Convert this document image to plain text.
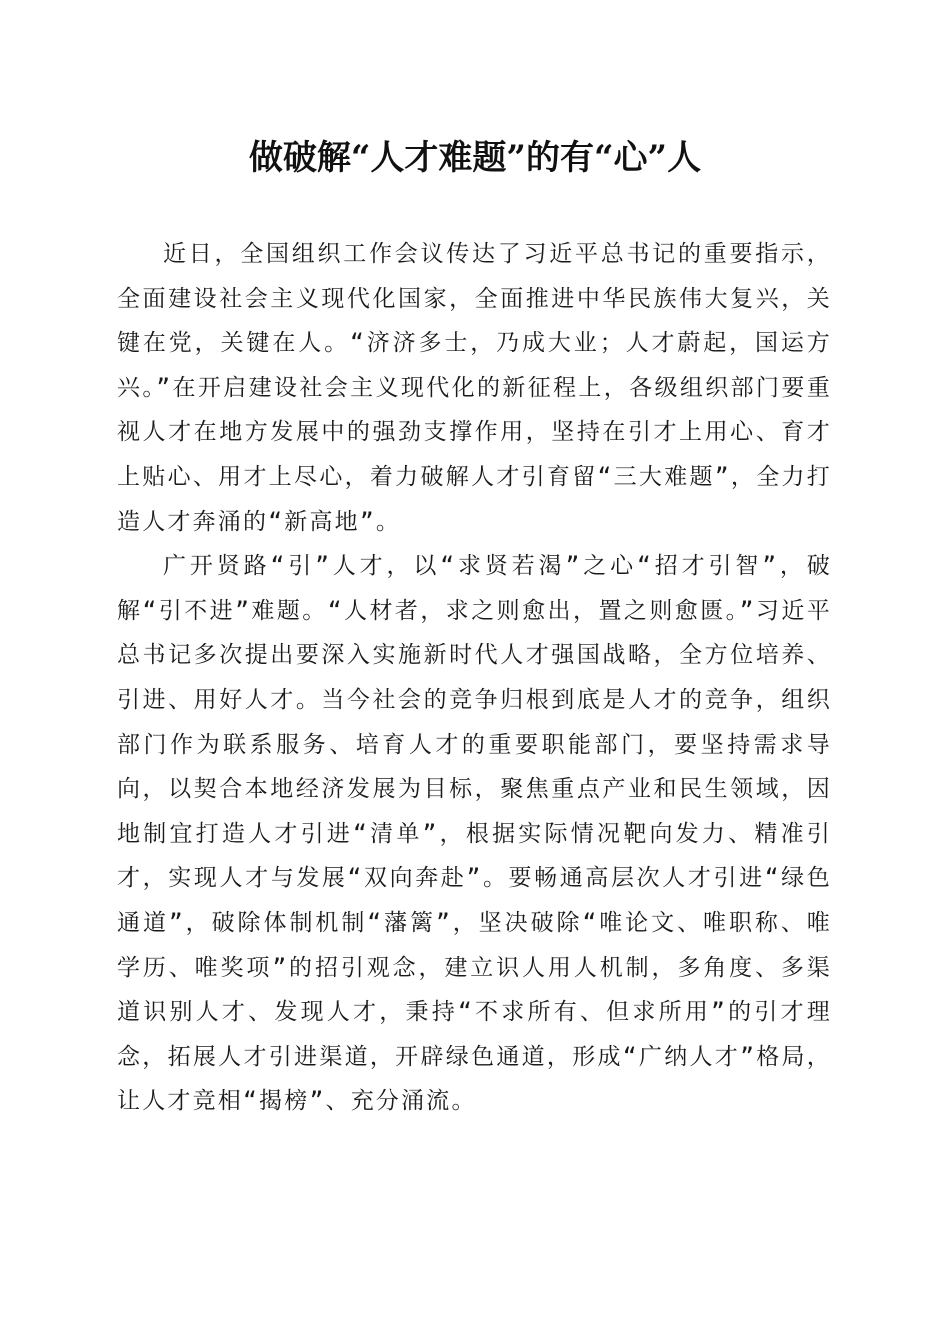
做破解“人才难题”的有“心”人

近日，全国组织工作会议传达了习近平总书记的重要指示，全面建设社会主义现代化国家，全面推进中华民族伟大复兴，关键在党，关键在人。“济济多士，乃成大业；人才蔚起，国运方兴。”在开启建设社会主义现代化的新征程上，各级组织部门要重视人才在地方发展中的强劲支撑作用，坚持在引才上用心、育才上贴心、用才上尽心，着力破解人才引育留“三大难题”，全力打造人才奔涌的“新高地”。

广开贤路“引”人才，以“求贤若渴”之心“招才引智”，破解“引不进”难题。“人材者，求之则愈出，置之则愈匮。”习近平总书记多次提出要深入实施新时代人才强国战略，全方位培养、引进、用好人才。当今社会的竞争归根到底是人才的竞争，组织部门作为联系服务、培育人才的重要职能部门，要坚持需求导向，以契合本地经济发展为目标，聚焦重点产业和民生领域，因地制宜打造人才引进“清单”，根据实际情况靶向发力、精准引才，实现人才与发展“双向奔赴”。要畅通高层次人才引进“绿色通道”，破除体制机制“藩篱”，坚决破除“唯论文、唯职称、唯学历、唯奖项”的招引观念，建立识人用人机制，多角度、多渠道识别人才、发现人才，秉持“不求所有、但求所用”的引才理念，拓展人才引进渠道，开辟绿色通道，形成“广纳人才”格局，让人才竞相“揭榜”、充分涌流。
